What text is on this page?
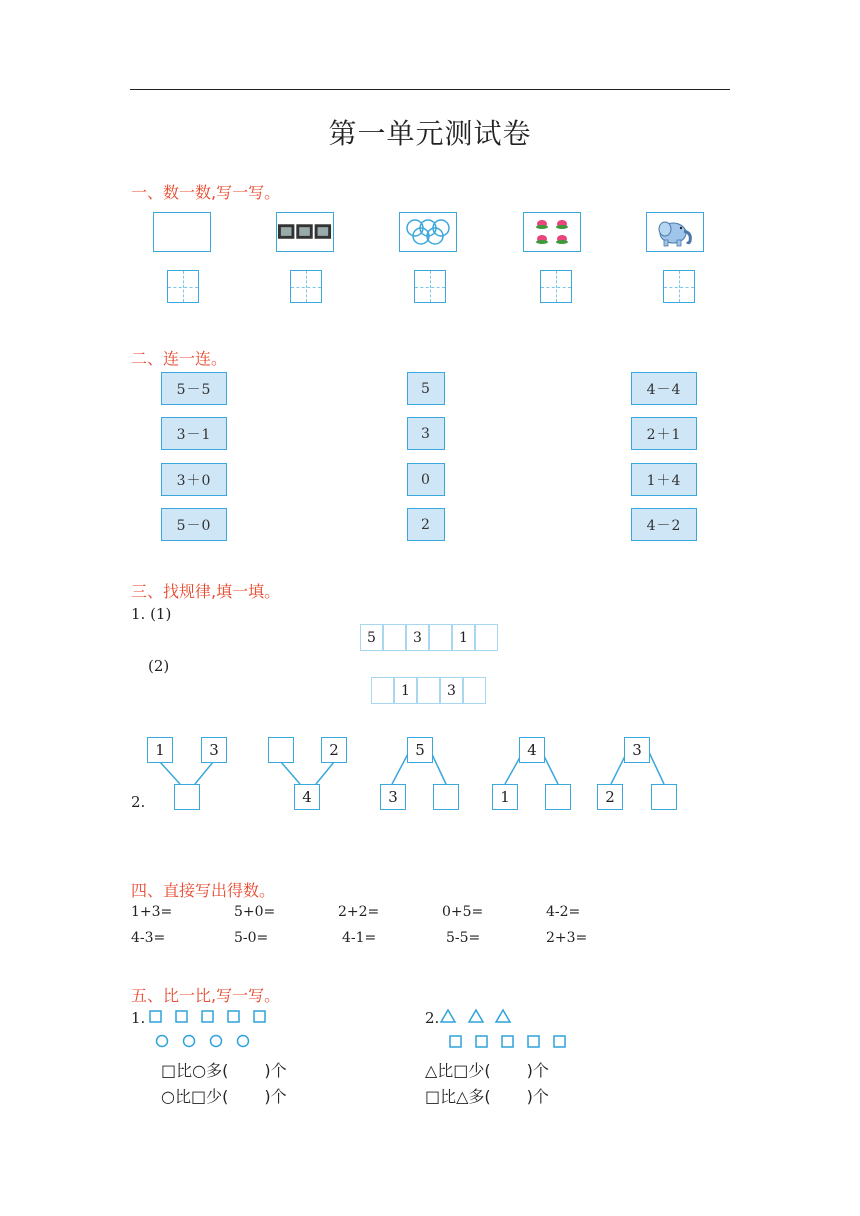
第一单元测试卷
一、数一数,写一写。
二、连一连。
5－5
3－1
3＋0
5－0
5
3
0
2
4－4
2＋1
1＋4
4－2
三、找规律,填一填。
1. (1)
5	3	1
(2)
1	3
2.
1	3	2
4
5
3
4
1
3
2
四、直接写出得数。
1+3=	5+0=	2+2=	0+5=	4-2=
4-3=	5-0=	4-1=	5-5=	2+3=
五、比一比,写一写。
1.
□比○多( )个
○比□少( )个
2.
△比□少( )个
□比△多( )个
